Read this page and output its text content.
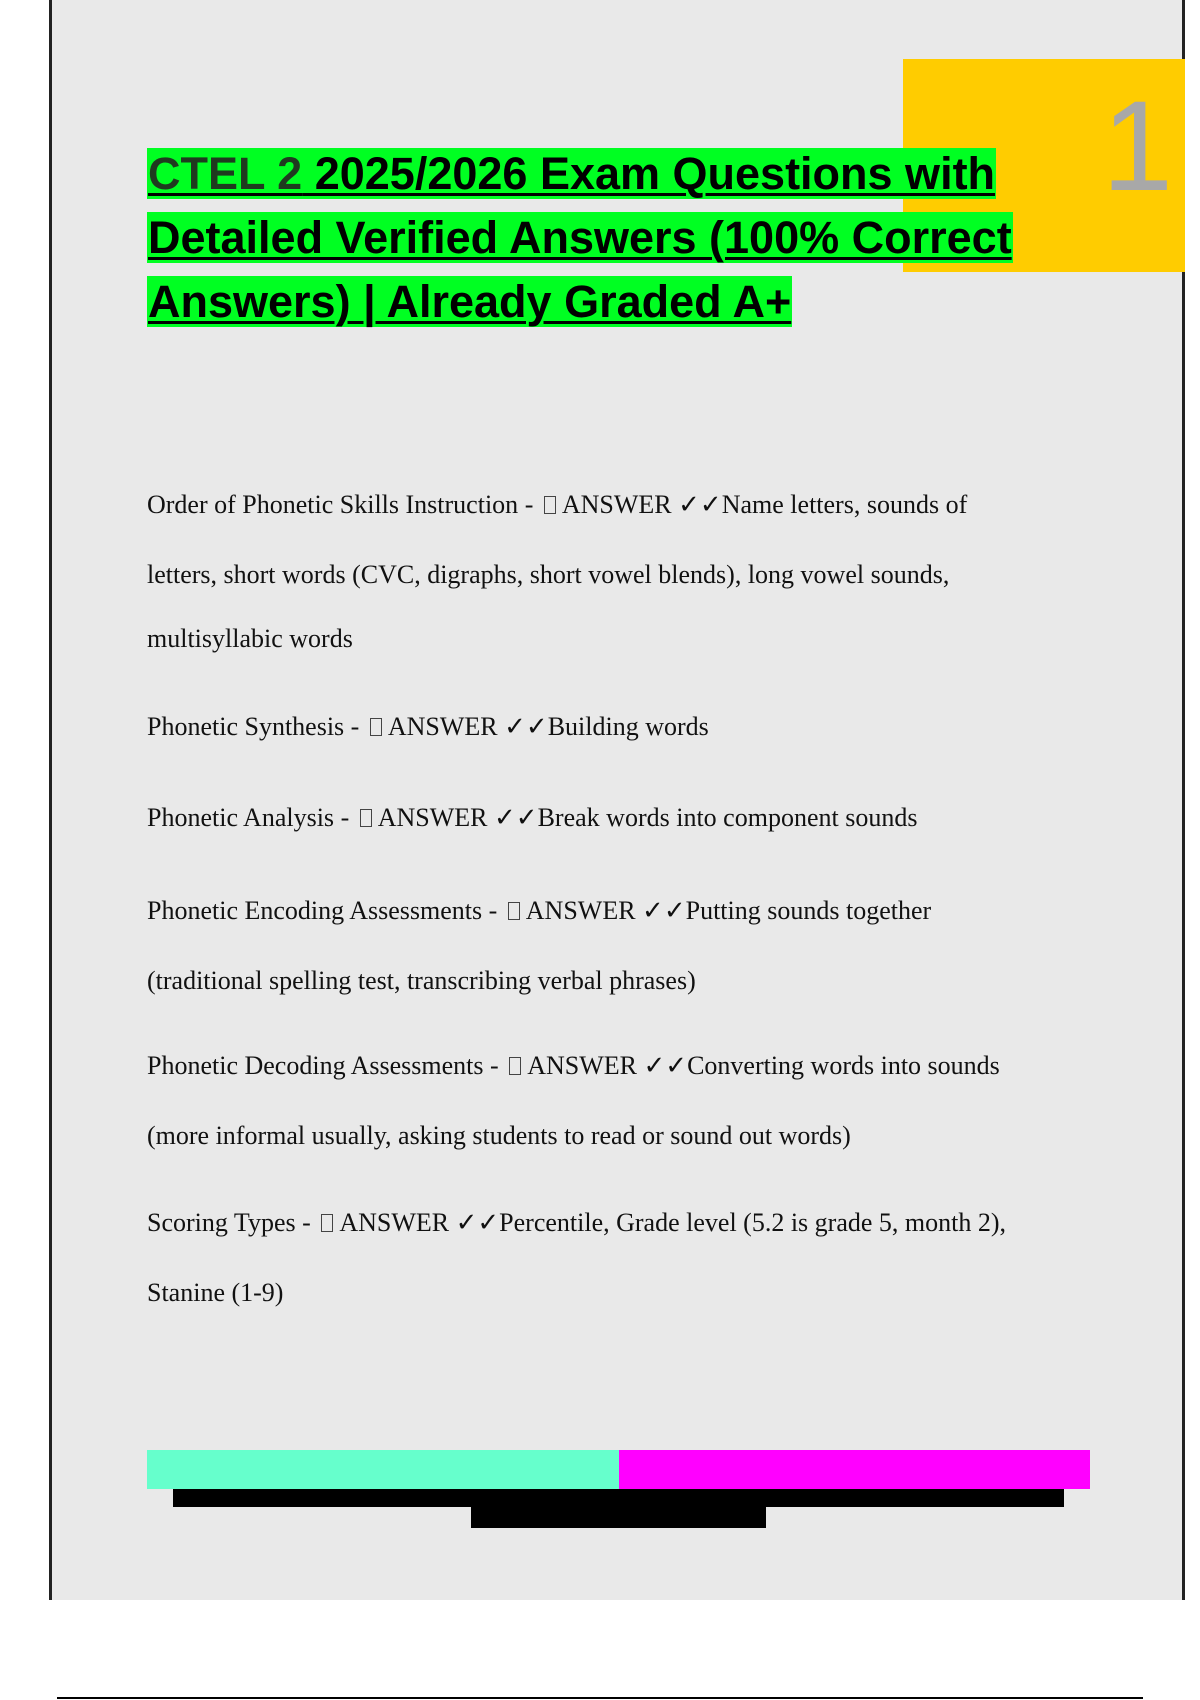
1
CTEL 2 2025/2026 Exam Questions with Detailed Verified Answers (100% Correct Answers) | Already Graded A+
Order of Phonetic Skills Instruction - ANSWER ✓✓Name letters, sounds of
letters, short words (CVC, digraphs, short vowel blends), long vowel sounds,
multisyllabic words
Phonetic Synthesis - ANSWER ✓✓Building words
Phonetic Analysis - ANSWER ✓✓Break words into component sounds
Phonetic Encoding Assessments - ANSWER ✓✓Putting sounds together
(traditional spelling test, transcribing verbal phrases)
Phonetic Decoding Assessments - ANSWER ✓✓Converting words into sounds
(more informal usually, asking students to read or sound out words)
Scoring Types - ANSWER ✓✓Percentile, Grade level (5.2 is grade 5, month 2),
Stanine (1-9)
